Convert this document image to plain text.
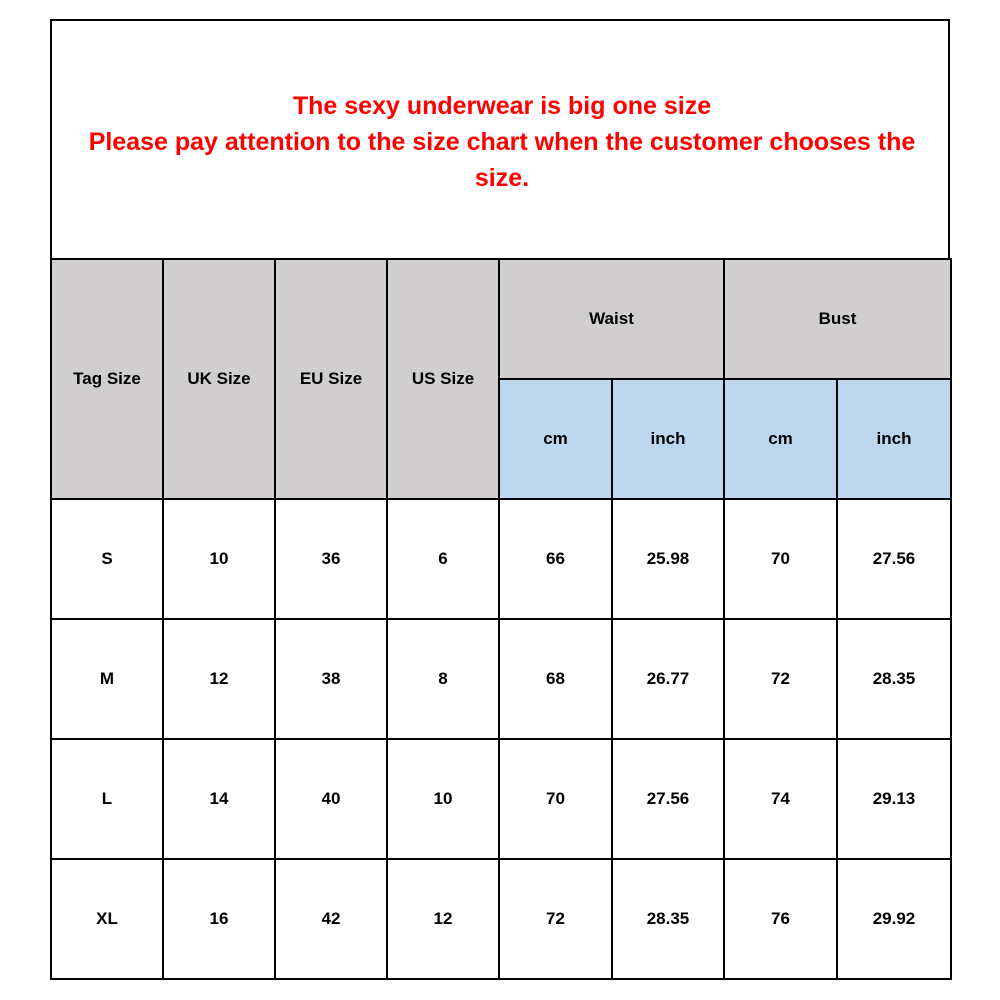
The sexy underwear is big one size
Please pay attention to the size chart when the customer chooses the
size.
Tag Size	UK Size	EU Size	US Size	Waist		Bust	
				cm	inch	cm	inch
S	10	36	6	66	25.98	70	27.56
M	12	38	8	68	26.77	72	28.35
L	14	40	10	70	27.56	74	29.13
XL	16	42	12	72	28.35	76	29.92
